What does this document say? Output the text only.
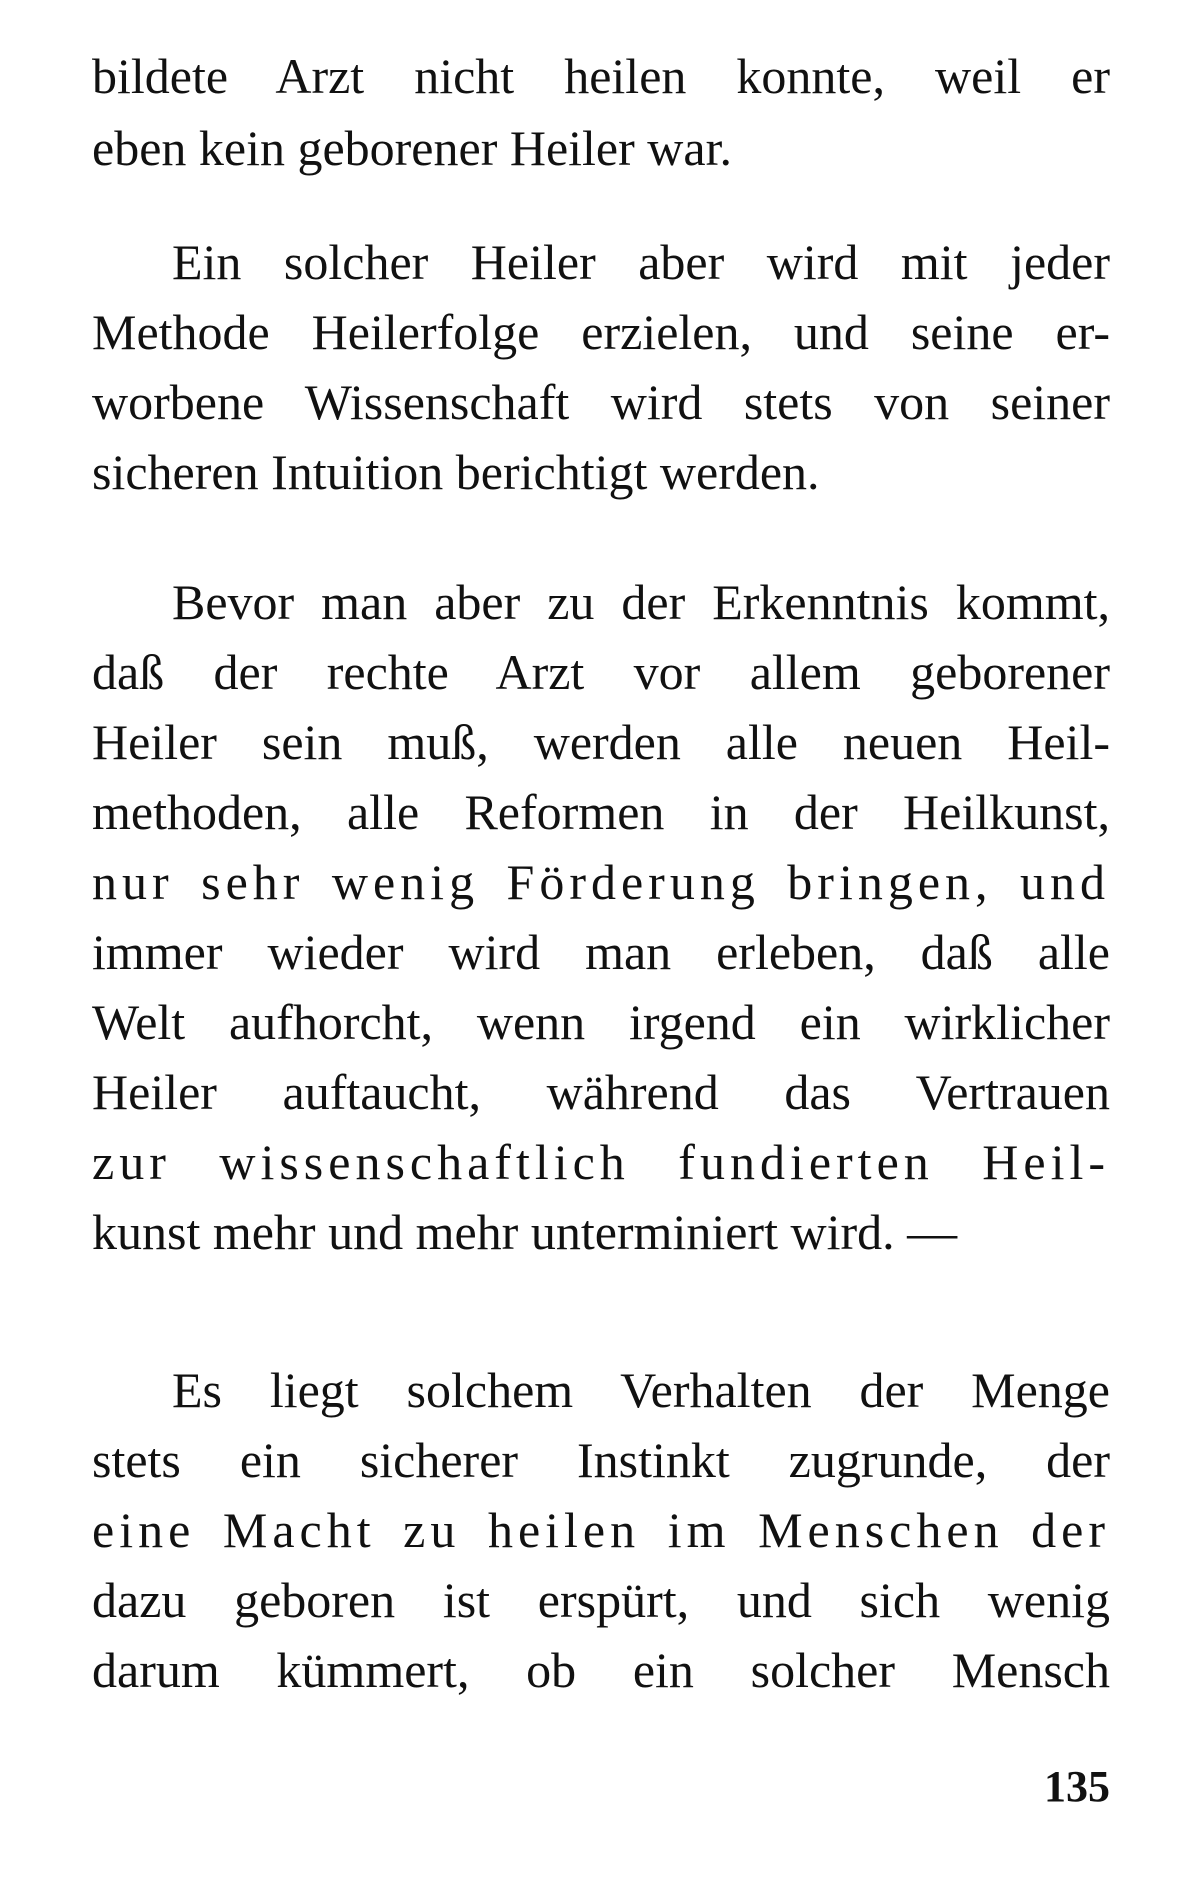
bildete Arzt nicht heilen konnte, weil er
eben kein geborener Heiler war.
Ein solcher Heiler aber wird mit jeder
Methode Heilerfolge erzielen, und seine er-
worbene Wissenschaft wird stets von seiner
sicheren Intuition berichtigt werden.
Bevor man aber zu der Erkenntnis kommt,
daß der rechte Arzt vor allem geborener
Heiler sein muß, werden alle neuen Heil-
methoden, alle Reformen in der Heilkunst,
nur sehr wenig Förderung bringen, und
immer wieder wird man erleben, daß alle
Welt aufhorcht, wenn irgend ein wirklicher
Heiler auftaucht, während das Vertrauen
zur wissenschaftlich fundierten Heil-
kunst mehr und mehr unterminiert wird. —
Es liegt solchem Verhalten der Menge
stets ein sicherer Instinkt zugrunde, der
eine Macht zu heilen im Menschen der
dazu geboren ist erspürt, und sich wenig
darum kümmert, ob ein solcher Mensch
135
